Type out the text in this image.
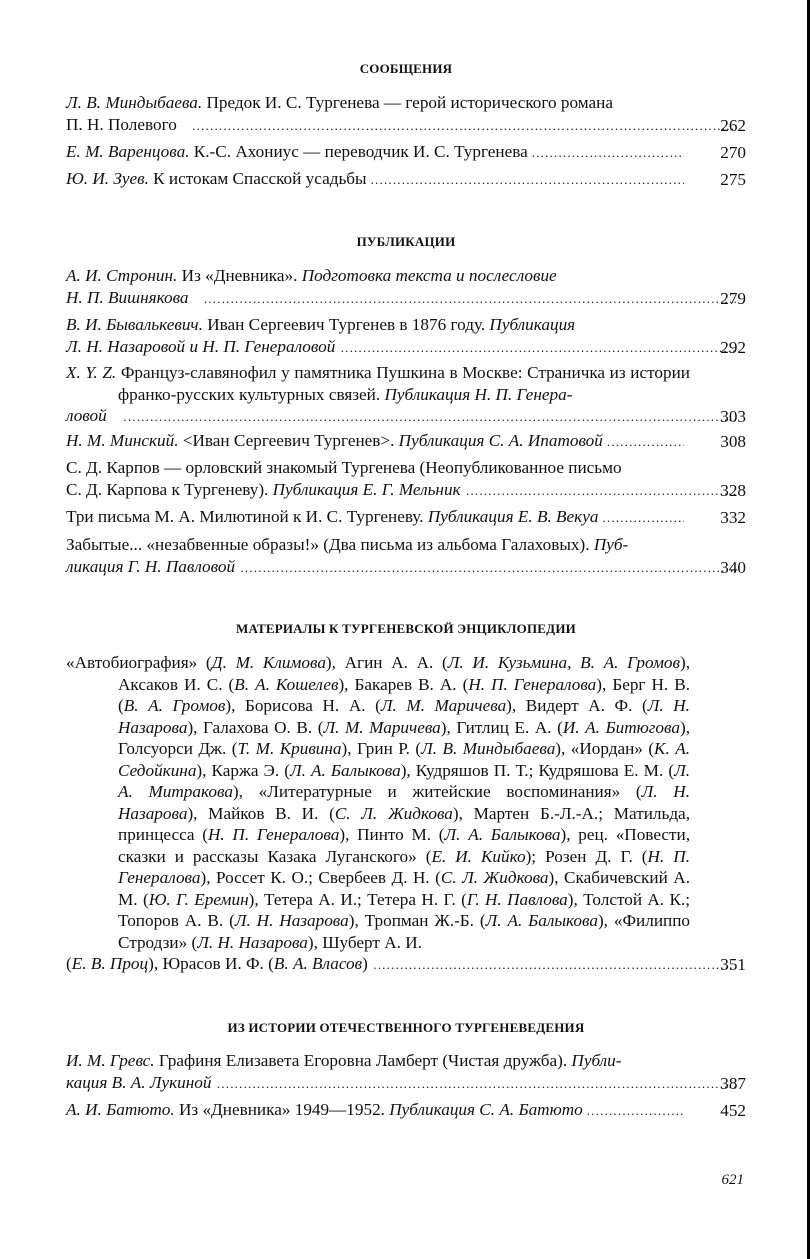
СООБЩЕНИЯ
Л. В. Миндыбаева. Предок И. С. Тургенева — герой исторического романа
П. Н. Полевого .....	262
Е. М. Варенцова. К.-С. Ахониус — переводчик И. С. Тургенева .....	270
Ю. И. Зуев. К истокам Спасской усадьбы .....	275
ПУБЛИКАЦИИ
А. И. Стронин. Из «Дневника». Подготовка текста и послесловие
Н. П. Вишнякова .....	279
В. И. Бывалькевич. Иван Сергеевич Тургенев в 1876 году. Публикация
Л. Н. Назаровой и Н. П. Генераловой .....	292
X. Y. Z. Француз-славянофил у памятника Пушкина в Москве: Страничка из истории франко-русских культурных связей. Публикация Н. П. Генера-
ловой .....	303
Н. М. Минский. <Иван Сергеевич Тургенев>. Публикация С. А. Ипатовой .....	308
С. Д. Карпов — орловский знакомый Тургенева (Неопубликованное письмо
С. Д. Карпова к Тургеневу). Публикация Е. Г. Мельник .....	328
Три письма М. А. Милютиной к И. С. Тургеневу. Публикация Е. В. Векуа .....	332
Забытые... «незабвенные образы!» (Два письма из альбома Галаховых). Пуб-
ликация Г. Н. Павловой .....	340
МАТЕРИАЛЫ К ТУРГЕНЕВСКОЙ ЭНЦИКЛОПЕДИИ
«Автобиография» (Д. М. Климова), Агин А. А. (Л. И. Кузьмина, В. А. Громов), Аксаков И. С. (В. А. Кошелев), Бакарев В. А. (Н. П. Генералова), Берг Н. В. (В. А. Громов), Борисова Н. А. (Л. М. Маричева), Видерт А. Ф. (Л. Н. Назарова), Галахова О. В. (Л. М. Маричева), Гитлиц Е. А. (И. А. Битюгова), Голсуорси Дж. (Т. М. Кривина), Грин Р. (Л. В. Миндыбаева), «Иордан» (К. А. Седойкина), Каржа Э. (Л. А. Балыкова), Кудряшов П. Т.; Кудряшова Е. М. (Л. А. Митракова), «Литературные и житейские воспоминания» (Л. Н. Назарова), Майков В. И. (С. Л. Жидкова), Мартен Б.-Л.-А.; Матильда, принцесса (Н. П. Генералова), Пинто М. (Л. А. Балыкова), рец. «Повести, сказки и рассказы Казака Луганского» (Е. И. Кийко); Розен Д. Г. (Н. П. Генералова), Россет К. О.; Свербеев Д. Н. (С. Л. Жидкова), Скабичевский А. М. (Ю. Г. Еремин), Тетера А. И.; Тетера Н. Г. (Г. Н. Павлова), Толстой А. К.; Топоров А. В. (Л. Н. Назарова), Тропман Ж.-Б. (Л. А. Балыкова), «Филиппо Стродзи» (Л. Н. Назарова), Шуберт А. И.
(Е. В. Проц), Юрасов И. Ф. (В. А. Власов) .....	351
ИЗ ИСТОРИИ ОТЕЧЕСТВЕННОГО ТУРГЕНЕВЕДЕНИЯ
И. М. Гревс. Графиня Елизавета Егоровна Ламберт (Чистая дружба). Публи-
кация В. А. Лукиной .....	387
А. И. Батюто. Из «Дневника» 1949—1952. Публикация С. А. Батюто .....	452
621
